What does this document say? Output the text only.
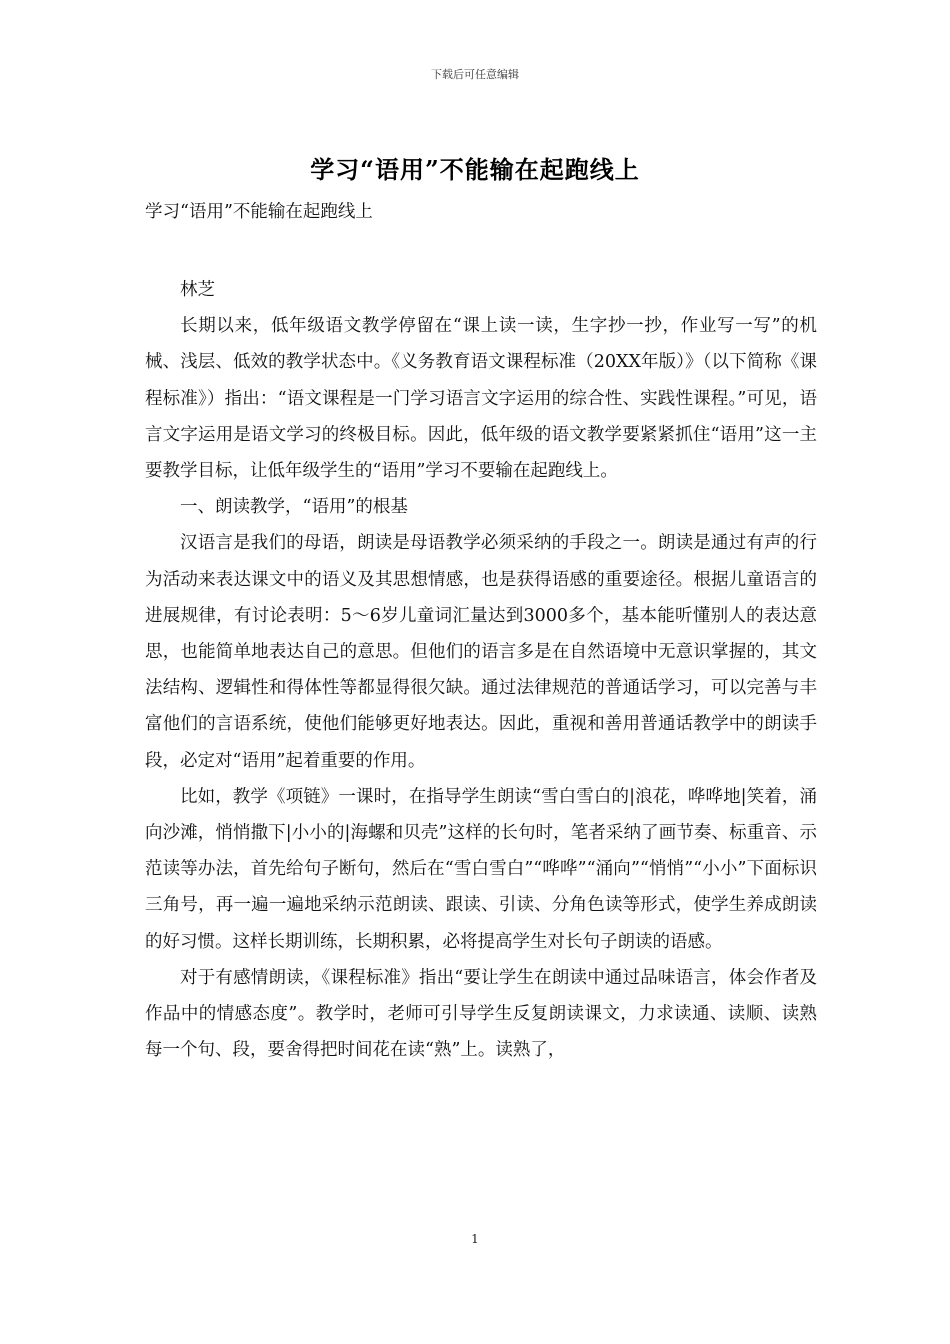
下载后可任意编辑
学习“语用”不能输在起跑线上
学习“语用”不能输在起跑线上

林芝

长期以来，低年级语文教学停留在“课上读一读，生字抄一抄，作业写一写”的机械、浅层、低效的教学状态中。《义务教育语文课程标准（20XX年版）》（以下简称《课程标准》）指出：“语文课程是一门学习语言文字运用的综合性、实践性课程。”可见，语言文字运用是语文学习的终极目标。因此，低年级的语文教学要紧紧抓住“语用”这一主要教学目标，让低年级学生的“语用”学习不要输在起跑线上。

一、朗读教学，“语用”的根基

汉语言是我们的母语，朗读是母语教学必须采纳的手段之一。朗读是通过有声的行为活动来表达课文中的语义及其思想情感，也是获得语感的重要途径。根据儿童语言的进展规律，有讨论表明：5～6岁儿童词汇量达到3000多个，基本能听懂别人的表达意思，也能简单地表达自己的意思。但他们的语言多是在自然语境中无意识掌握的，其文法结构、逻辑性和得体性等都显得很欠缺。通过法律规范的普通话学习，可以完善与丰富他们的言语系统，使他们能够更好地表达。因此，重视和善用普通话教学中的朗读手段，必定对“语用”起着重要的作用。

比如，教学《项链》一课时，在指导学生朗读“雪白雪白的|浪花，哗哗地|笑着，涌向沙滩，悄悄撒下|小小的|海螺和贝壳”这样的长句时，笔者采纳了画节奏、标重音、示范读等办法，首先给句子断句，然后在“雪白雪白”“哗哗”“涌向”“悄悄”“小小”下面标识三角号，再一遍一遍地采纳示范朗读、跟读、引读、分角色读等形式，使学生养成朗读的好习惯。这样长期训练，长期积累，必将提高学生对长句子朗读的语感。

对于有感情朗读，《课程标准》指出“要让学生在朗读中通过品味语言，体会作者及作品中的情感态度”。教学时，老师可引导学生反复朗读课文，力求读通、读顺、读熟每一个句、段，要舍得把时间花在读“熟”上。读熟了，

1
